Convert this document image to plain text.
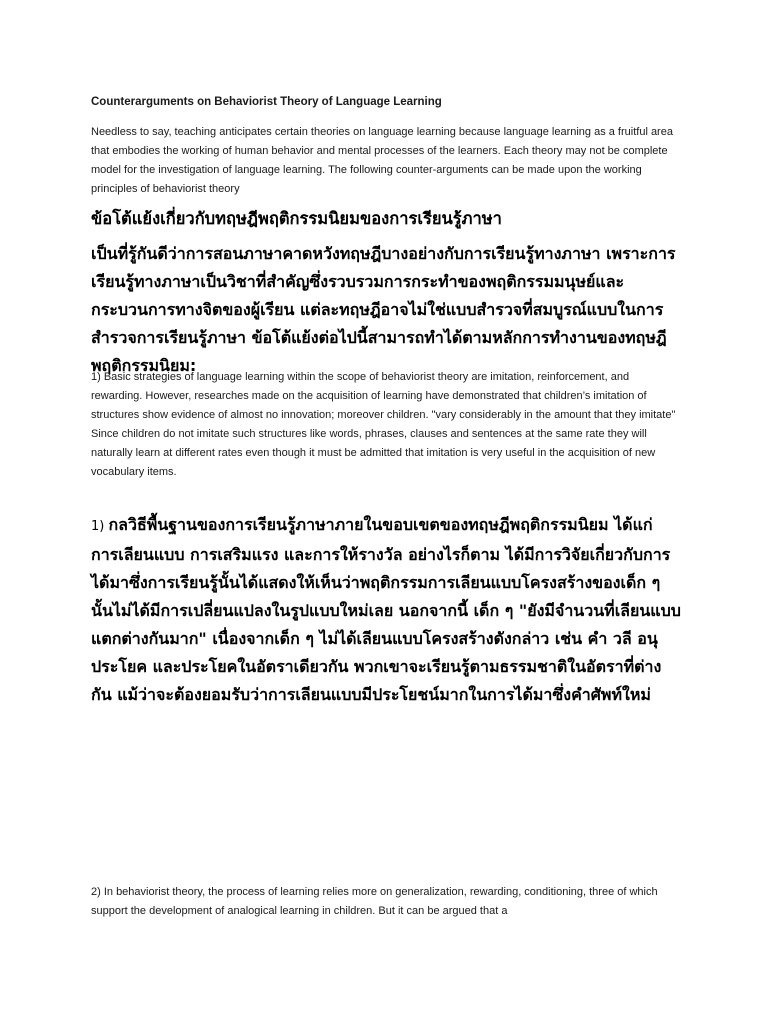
Counterarguments on Behaviorist Theory of Language Learning

Needless to say, teaching anticipates certain theories on language learning because language learning as a fruitful area that embodies the working of human behavior and mental processes of the learners. Each theory may not be complete model for the investigation of language learning. The following counter-arguments can be made upon the working principles of behaviorist theory

ข้อโต้แย้งเกี่ยวกับทฤษฎีพฤติกรรมนิยมของการเรียนรู้ภาษา

เป็นที่รู้กันดีว่าการสอนภาษาคาดหวังทฤษฎีบางอย่างกับการเรียนรู้ทางภาษา เพราะการเรียนรู้ทางภาษาเป็นวิชาที่สำคัญซึ่งรวบรวมการกระทำของพฤติกรรมมนุษย์และกระบวนการทางจิตของผู้เรียน แต่ละทฤษฎีอาจไม่ใช่แบบสำรวจที่สมบูรณ์แบบในการสำรวจการเรียนรู้ภาษา ข้อโต้แย้งต่อไปนี้สามารถทำได้ตามหลักการทำงานของทฤษฎีพฤติกรรมนิยม:

1) Basic strategies of language learning within the scope of behaviorist theory are imitation, reinforcement, and rewarding. However, researches made on the acquisition of learning have demonstrated that children’s imitation of structures show evidence of almost no innovation; moreover children. "vary considerably in the amount that they imitate" Since children do not imitate such structures like words, phrases, clauses and sentences at the same rate they will naturally learn at different rates even though it must be admitted that imitation is very useful in the acquisition of new vocabulary items.

1) กลวิธีพื้นฐานของการเรียนรู้ภาษาภายในขอบเขตของทฤษฎีพฤติกรรมนิยม ได้แก่ การเลียนแบบ การเสริมแรง และการให้รางวัล อย่างไรก็ตาม ได้มีการวิจัยเกี่ยวกับการได้มาซึ่งการเรียนรู้นั้นได้แสดงให้เห็นว่าพฤติกรรมการเลียนแบบโครงสร้างของเด็ก ๆ นั้นไม่ได้มีการเปลี่ยนแปลงในรูปแบบใหม่เลย นอกจากนี้ เด็ก ๆ "ยังมีจำนวนที่เลียนแบบแตกต่างกันมาก" เนื่องจากเด็ก ๆ ไม่ได้เลียนแบบโครงสร้างดังกล่าว เช่น คำ วลี อนุประโยค และประโยคในอัตราเดียวกัน พวกเขาจะเรียนรู้ตามธรรมชาติในอัตราที่ต่างกัน แม้ว่าจะต้องยอมรับว่าการเลียนแบบมีประโยชน์มากในการได้มาซึ่งคำศัพท์ใหม่

2) In behaviorist theory, the process of learning relies more on generalization, rewarding, conditioning, three of which support the development of analogical learning in children. But it can be argued that a
